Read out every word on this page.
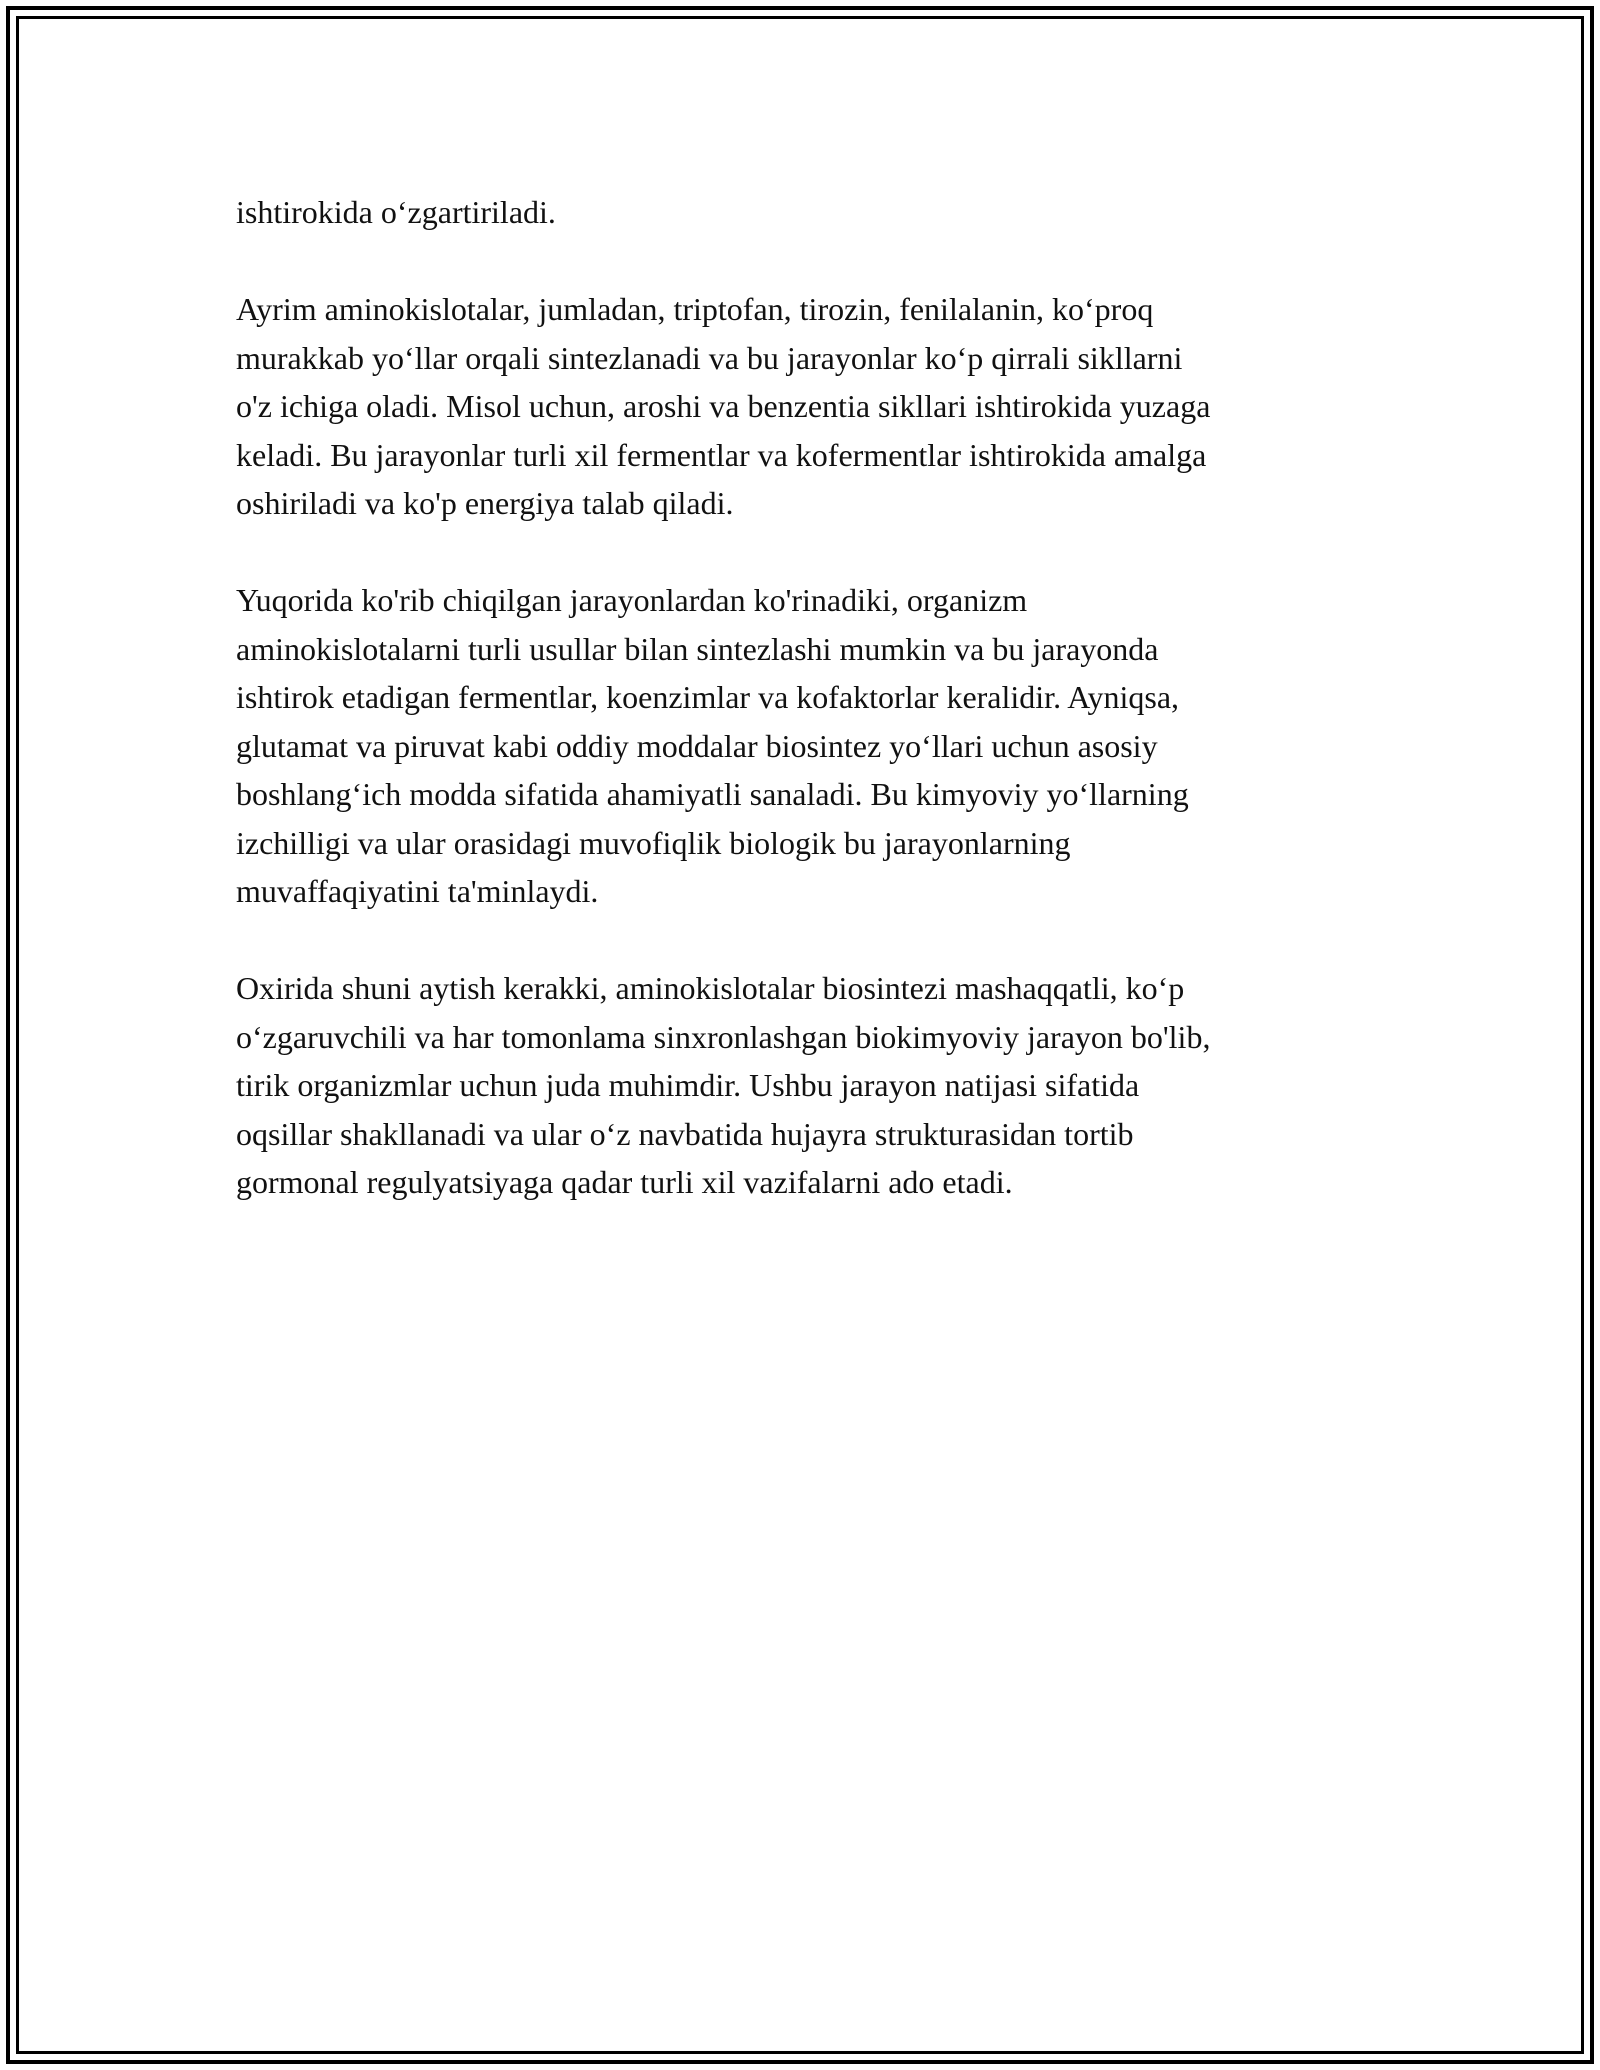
ishtirokida o‘zgartiriladi.

Ayrim aminokislotalar, jumladan, triptofan, tirozin, fenilalanin, ko‘proq
murakkab yo‘llar orqali sintezlanadi va bu jarayonlar ko‘p qirrali sikllarni
o'z ichiga oladi. Misol uchun, aroshi va benzentia sikllari ishtirokida yuzaga
keladi. Bu jarayonlar turli xil fermentlar va kofermentlar ishtirokida amalga
oshiriladi va ko'p energiya talab qiladi.

Yuqorida ko'rib chiqilgan jarayonlardan ko'rinadiki, organizm
aminokislotalarni turli usullar bilan sintezlashi mumkin va bu jarayonda
ishtirok etadigan fermentlar, koenzimlar va kofaktorlar keralidir. Ayniqsa,
glutamat va piruvat kabi oddiy moddalar biosintez yo‘llari uchun asosiy
boshlang‘ich modda sifatida ahamiyatli sanaladi. Bu kimyoviy yo‘llarning
izchilligi va ular orasidagi muvofiqlik biologik bu jarayonlarning
muvaffaqiyatini ta'minlaydi.

Oxirida shuni aytish kerakki, aminokislotalar biosintezi mashaqqatli, ko‘p
o‘zgaruvchili va har tomonlama sinxronlashgan biokimyoviy jarayon bo'lib,
tirik organizmlar uchun juda muhimdir. Ushbu jarayon natijasi sifatida
oqsillar shakllanadi va ular o‘z navbatida hujayra strukturasidan tortib
gormonal regulyatsiyaga qadar turli xil vazifalarni ado etadi.
